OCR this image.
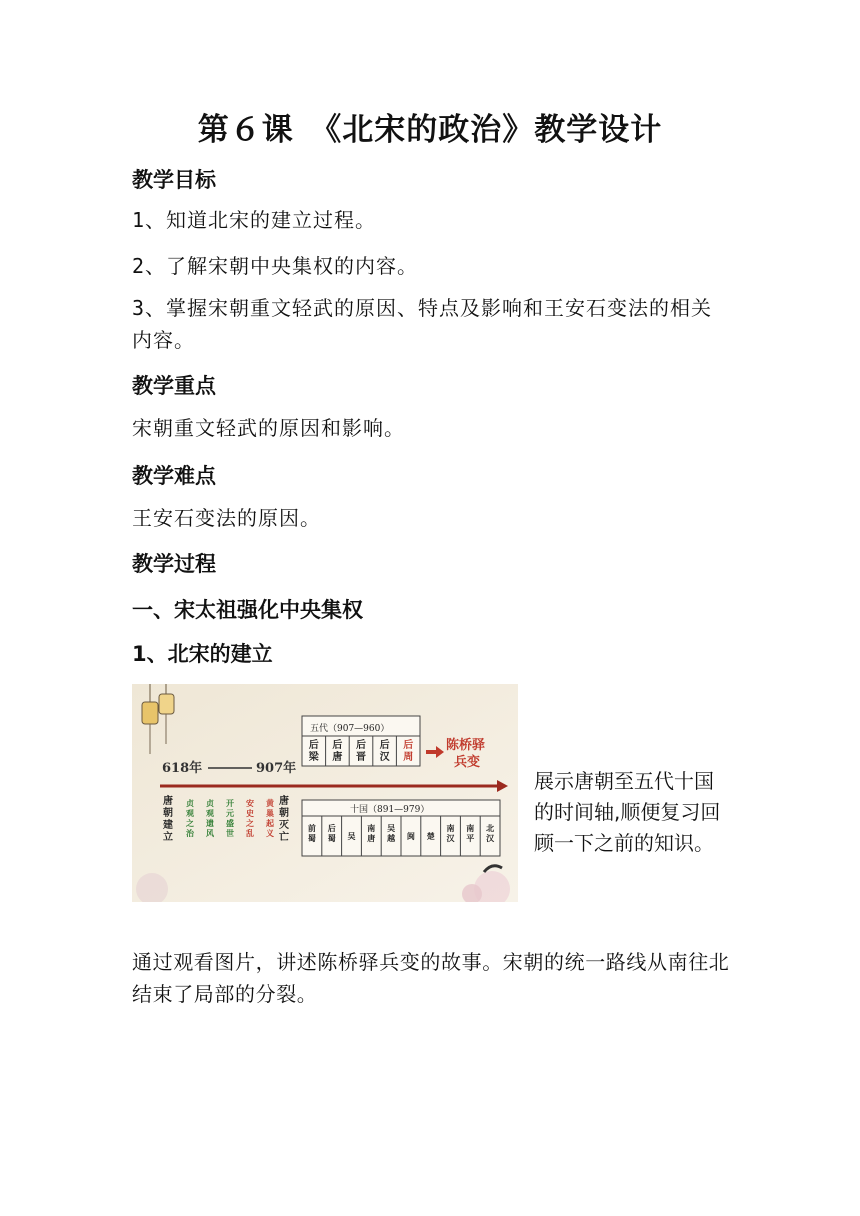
第６课　《北宋的政治》教学设计
教学目标
1、知道北宋的建立过程。
2、了解宋朝中央集权的内容。
3、掌握宋朝重文轻武的原因、特点及影响和王安石变法的相关内容。
教学重点
宋朝重文轻武的原因和影响。
教学难点
王安石变法的原因。
教学过程
一、宋太祖强化中央集权
1、北宋的建立
618年	907年
五代（907—960）
后梁
后唐
后晋
后汉
后周
陈桥驿兵变
十国（891—979）
前蜀
后蜀 吴
南唐
吴越 闽 楚
南汉
南平
北汉
唐朝建立
贞观之治
贞观遗风
开元盛世
安史之乱
黄巢起义
唐朝灭亡
展示唐朝至五代十国的时间轴,顺便复习回顾一下之前的知识。
通过观看图片，讲述陈桥驿兵变的故事。宋朝的统一路线从南往北结束了局部的分裂。
